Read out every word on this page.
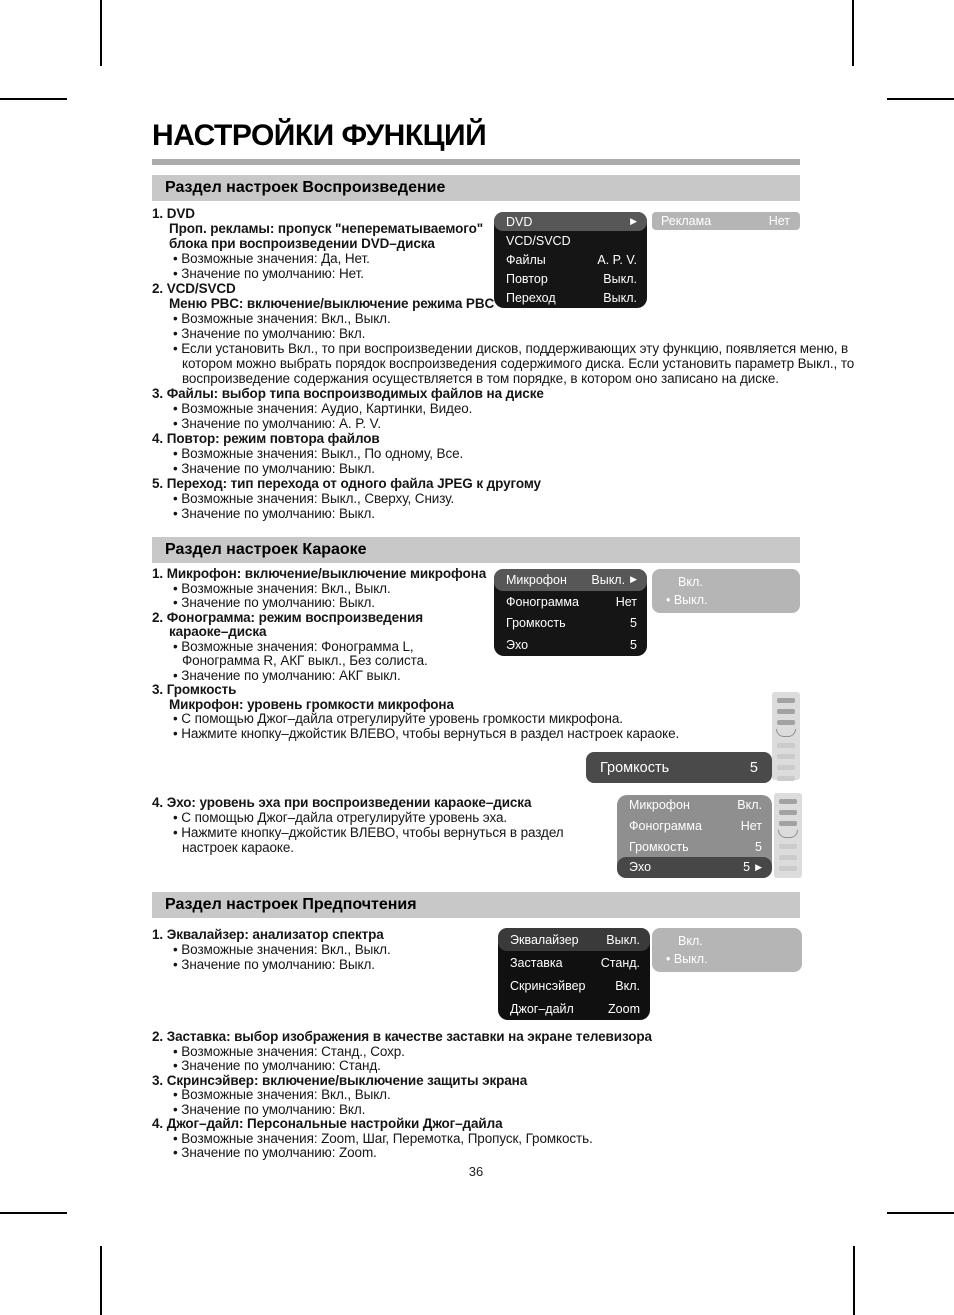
НАСТРОЙКИ ФУНКЦИЙ
Раздел настроек Воспроизведение
Раздел настроек Караоке
Раздел настроек Предпочтения
1. DVD
Проп. рекламы: пропуск "неперематываемого" блока при воспроизведении DVD–диска
• Возможные значения: Да, Нет.
• Значение по умолчанию: Нет.
2. VCD/SVCD
Меню PBC: включение/выключение режима PBC
• Возможные значения: Вкл., Выкл.
• Значение по умолчанию: Вкл.
• Если установить Вкл., то при воспроизведении дисков, поддерживающих эту функцию, появляется меню, в котором можно выбрать порядок воспроизведения содержимого диска. Если установить параметр Выкл., то воспроизведение содержания осуществляется в том порядке, в котором оно записано на диске.
3. Файлы: выбор типа воспроизводимых файлов на диске
• Возможные значения: Аудио, Картинки, Видео.
• Значение по умолчанию: A. P. V.
4. Повтор: режим повтора файлов
• Возможные значения: Выкл., По одному, Все.
• Значение по умолчанию: Выкл.
5. Переход: тип перехода от одного файла JPEG к другому
• Возможные значения: Выкл., Сверху, Снизу.
• Значение по умолчанию: Выкл.
DVD	▶
VCD/SVCD
Файлы	A. P. V.
Повтор	Выкл.
Переход	Выкл.
Реклама	Нет
1. Микрофон: включение/выключение микрофона
• Возможные значения: Вкл., Выкл.
• Значение по умолчанию: Выкл.
2. Фонограмма: режим воспроизведения караоке–диска
• Возможные значения: Фонограмма L, Фонограмма R, АКГ выкл., Без солиста.
• Значение по умолчанию: АКГ выкл.
3. Громкость
Микрофон: уровень громкости микрофона
• С помощью Джог–дайла отрегулируйте уровень громкости микрофона.
• Нажмите кнопку–джойстик ВЛЕВО, чтобы вернуться в раздел настроек караоке.
Микрофон	Выкл. ▶
Фонограмма	Нет
Громкость	5
Эхо	5
Вкл.
• Выкл.
Громкость	5
4. Эхо: уровень эха при воспроизведении караоке–диска
• С помощью Джог–дайла отрегулируйте уровень эха.
• Нажмите кнопку–джойстик ВЛЕВО, чтобы вернуться в раздел настроек караоке.
Микрофон	Вкл.
Фонограмма	Нет
Громкость	5
Эхо	5 ▶
1. Эквалайзер: анализатор спектра
• Возможные значения: Вкл., Выкл.
• Значение по умолчанию: Выкл.
Эквалайзер	Выкл.
Заставка	Станд.
Скринсэйвер	Вкл.
Джог–дайл	Zoom
Вкл.
• Выкл.
2. Заставка: выбор изображения в качестве заставки на экране телевизора
• Возможные значения: Станд., Сохр.
• Значение по умолчанию: Станд.
3. Скринсэйвер: включение/выключение защиты экрана
• Возможные значения: Вкл., Выкл.
• Значение по умолчанию: Вкл.
4. Джог–дайл: Персональные настройки Джог–дайла
• Возможные значения: Zoom, Шаг, Перемотка, Пропуск, Громкость.
• Значение по умолчанию: Zoom.
36
